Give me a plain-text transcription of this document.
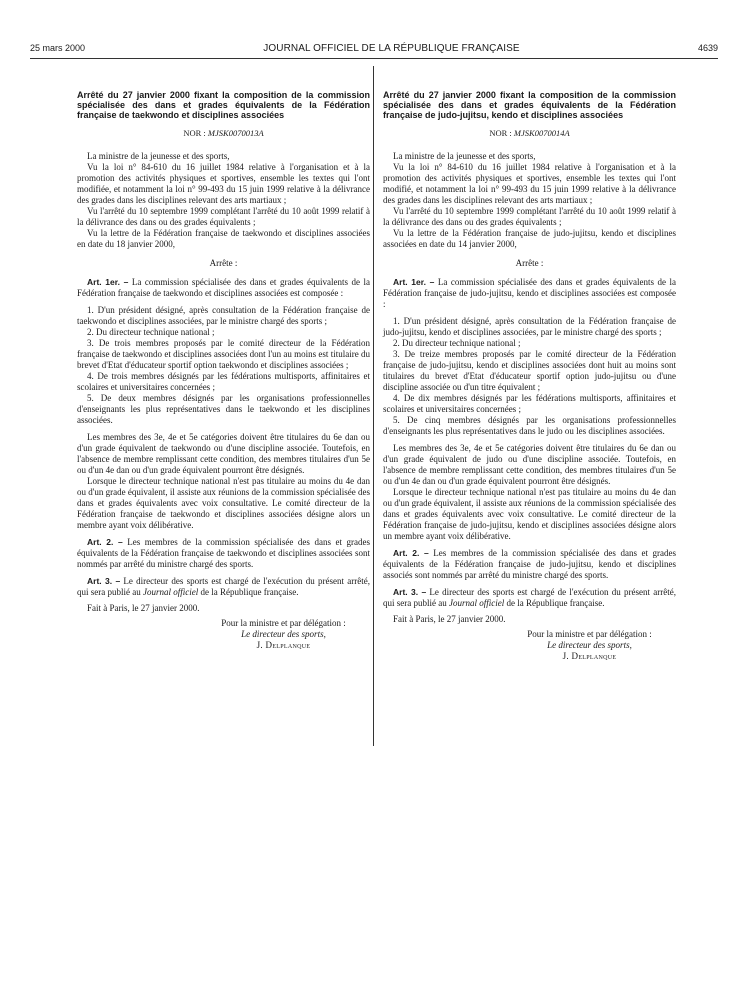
25 mars 2000	JOURNAL OFFICIEL DE LA RÉPUBLIQUE FRANÇAISE	4639
Arrêté du 27 janvier 2000 fixant la composition de la commission spécialisée des dans et grades équivalents de la Fédération française de taekwondo et disciplines associées
NOR : MJSK0070013A

La ministre de la jeunesse et des sports,

Vu la loi n° 84-610 du 16 juillet 1984 relative à l'organisation et à la promotion des activités physiques et sportives, ensemble les textes qui l'ont modifiée, et notamment la loi n° 99-493 du 15 juin 1999 relative à la délivrance des grades dans les disciplines relevant des arts martiaux ;

Vu l'arrêté du 10 septembre 1999 complétant l'arrêté du 10 août 1999 relatif à la délivrance des dans ou des grades équivalents ;

Vu la lettre de la Fédération française de taekwondo et disciplines associées en date du 18 janvier 2000,

Arrête :

Art. 1er. – La commission spécialisée des dans et grades équivalents de la Fédération française de taekwondo et disciplines associées est composée :

1. D'un président désigné, après consultation de la Fédération française de taekwondo et disciplines associées, par le ministre chargé des sports ;

2. Du directeur technique national ;

3. De trois membres proposés par le comité directeur de la Fédération française de taekwondo et disciplines associées dont l'un au moins est titulaire du brevet d'Etat d'éducateur sportif option taekwondo et disciplines associées ;

4. De trois membres désignés par les fédérations multisports, affinitaires et scolaires et universitaires concernées ;

5. De deux membres désignés par les organisations professionnelles d'enseignants les plus représentatives dans le taekwondo et les disciplines associées.

Les membres des 3e, 4e et 5e catégories doivent être titulaires du 6e dan ou d'un grade équivalent de taekwondo ou d'une discipline associée. Toutefois, en l'absence de membre remplissant cette condition, des membres titulaires d'un 5e ou d'un 4e dan ou d'un grade équivalent pourront être désignés.

Lorsque le directeur technique national n'est pas titulaire au moins du 4e dan ou d'un grade équivalent, il assiste aux réunions de la commission spécialisée des dans et grades équivalents avec voix consultative. Le comité directeur de la Fédération française de taekwondo et disciplines associées désigne alors un membre ayant voix délibérative.

Art. 2. – Les membres de la commission spécialisée des dans et grades équivalents de la Fédération française de taekwondo et disciplines associées sont nommés par arrêté du ministre chargé des sports.

Art. 3. – Le directeur des sports est chargé de l'exécution du présent arrêté, qui sera publié au Journal officiel de la République française.

Fait à Paris, le 27 janvier 2000.

Pour la ministre et par délégation :
Le directeur des sports,
J. Delplanque
Arrêté du 27 janvier 2000 fixant la composition de la commission spécialisée des dans et grades équivalents de la Fédération française de judo-jujitsu, kendo et disciplines associées
NOR : MJSK0070014A

La ministre de la jeunesse et des sports,

Vu la loi n° 84-610 du 16 juillet 1984 relative à l'organisation et à la promotion des activités physiques et sportives, ensemble les textes qui l'ont modifié, et notamment la loi n° 99-493 du 15 juin 1999 relative à la délivrance des grades dans les disciplines relevant des arts martiaux ;

Vu l'arrêté du 10 septembre 1999 complétant l'arrêté du 10 août 1999 relatif à la délivrance des dans ou des grades équivalents ;

Vu la lettre de la Fédération française de judo-jujitsu, kendo et disciplines associées en date du 14 janvier 2000,

Arrête :

Art. 1er. – La commission spécialisée des dans et grades équivalents de la Fédération française de judo-jujitsu, kendo et disciplines associées est composée :

1. D'un président désigné, après consultation de la Fédération française de judo-jujitsu, kendo et disciplines associées, par le ministre chargé des sports ;

2. Du directeur technique national ;

3. De treize membres proposés par le comité directeur de la Fédération française de judo-jujitsu, kendo et disciplines associées dont huit au moins sont titulaires du brevet d'Etat d'éducateur sportif option judo-jujitsu ou d'une discipline associée ou d'un titre équivalent ;

4. De dix membres désignés par les fédérations multisports, affinitaires et scolaires et universitaires concernées ;

5. De cinq membres désignés par les organisations professionnelles d'enseignants les plus représentatives dans le judo ou les disciplines associées.

Les membres des 3e, 4e et 5e catégories doivent être titulaires du 6e dan ou d'un grade équivalent de judo ou d'une discipline associée. Toutefois, en l'absence de membre remplissant cette condition, des membres titulaires d'un 5e ou d'un 4e dan ou d'un grade équivalent pourront être désignés.

Lorsque le directeur technique national n'est pas titulaire au moins du 4e dan ou d'un grade équivalent, il assiste aux réunions de la commission spécialisée des dans et grades équivalents avec voix consultative. Le comité directeur de la Fédération française de judo-jujitsu, kendo et disciplines associées désigne alors un membre ayant voix délibérative.

Art. 2. – Les membres de la commission spécialisée des dans et grades équivalents de la Fédération française de judo-jujitsu, kendo et disciplines associés sont nommés par arrêté du ministre chargé des sports.

Art. 3. – Le directeur des sports est chargé de l'exécution du présent arrêté, qui sera publié au Journal officiel de la République française.

Fait à Paris, le 27 janvier 2000.

Pour la ministre et par délégation :
Le directeur des sports,
J. Delplanque
